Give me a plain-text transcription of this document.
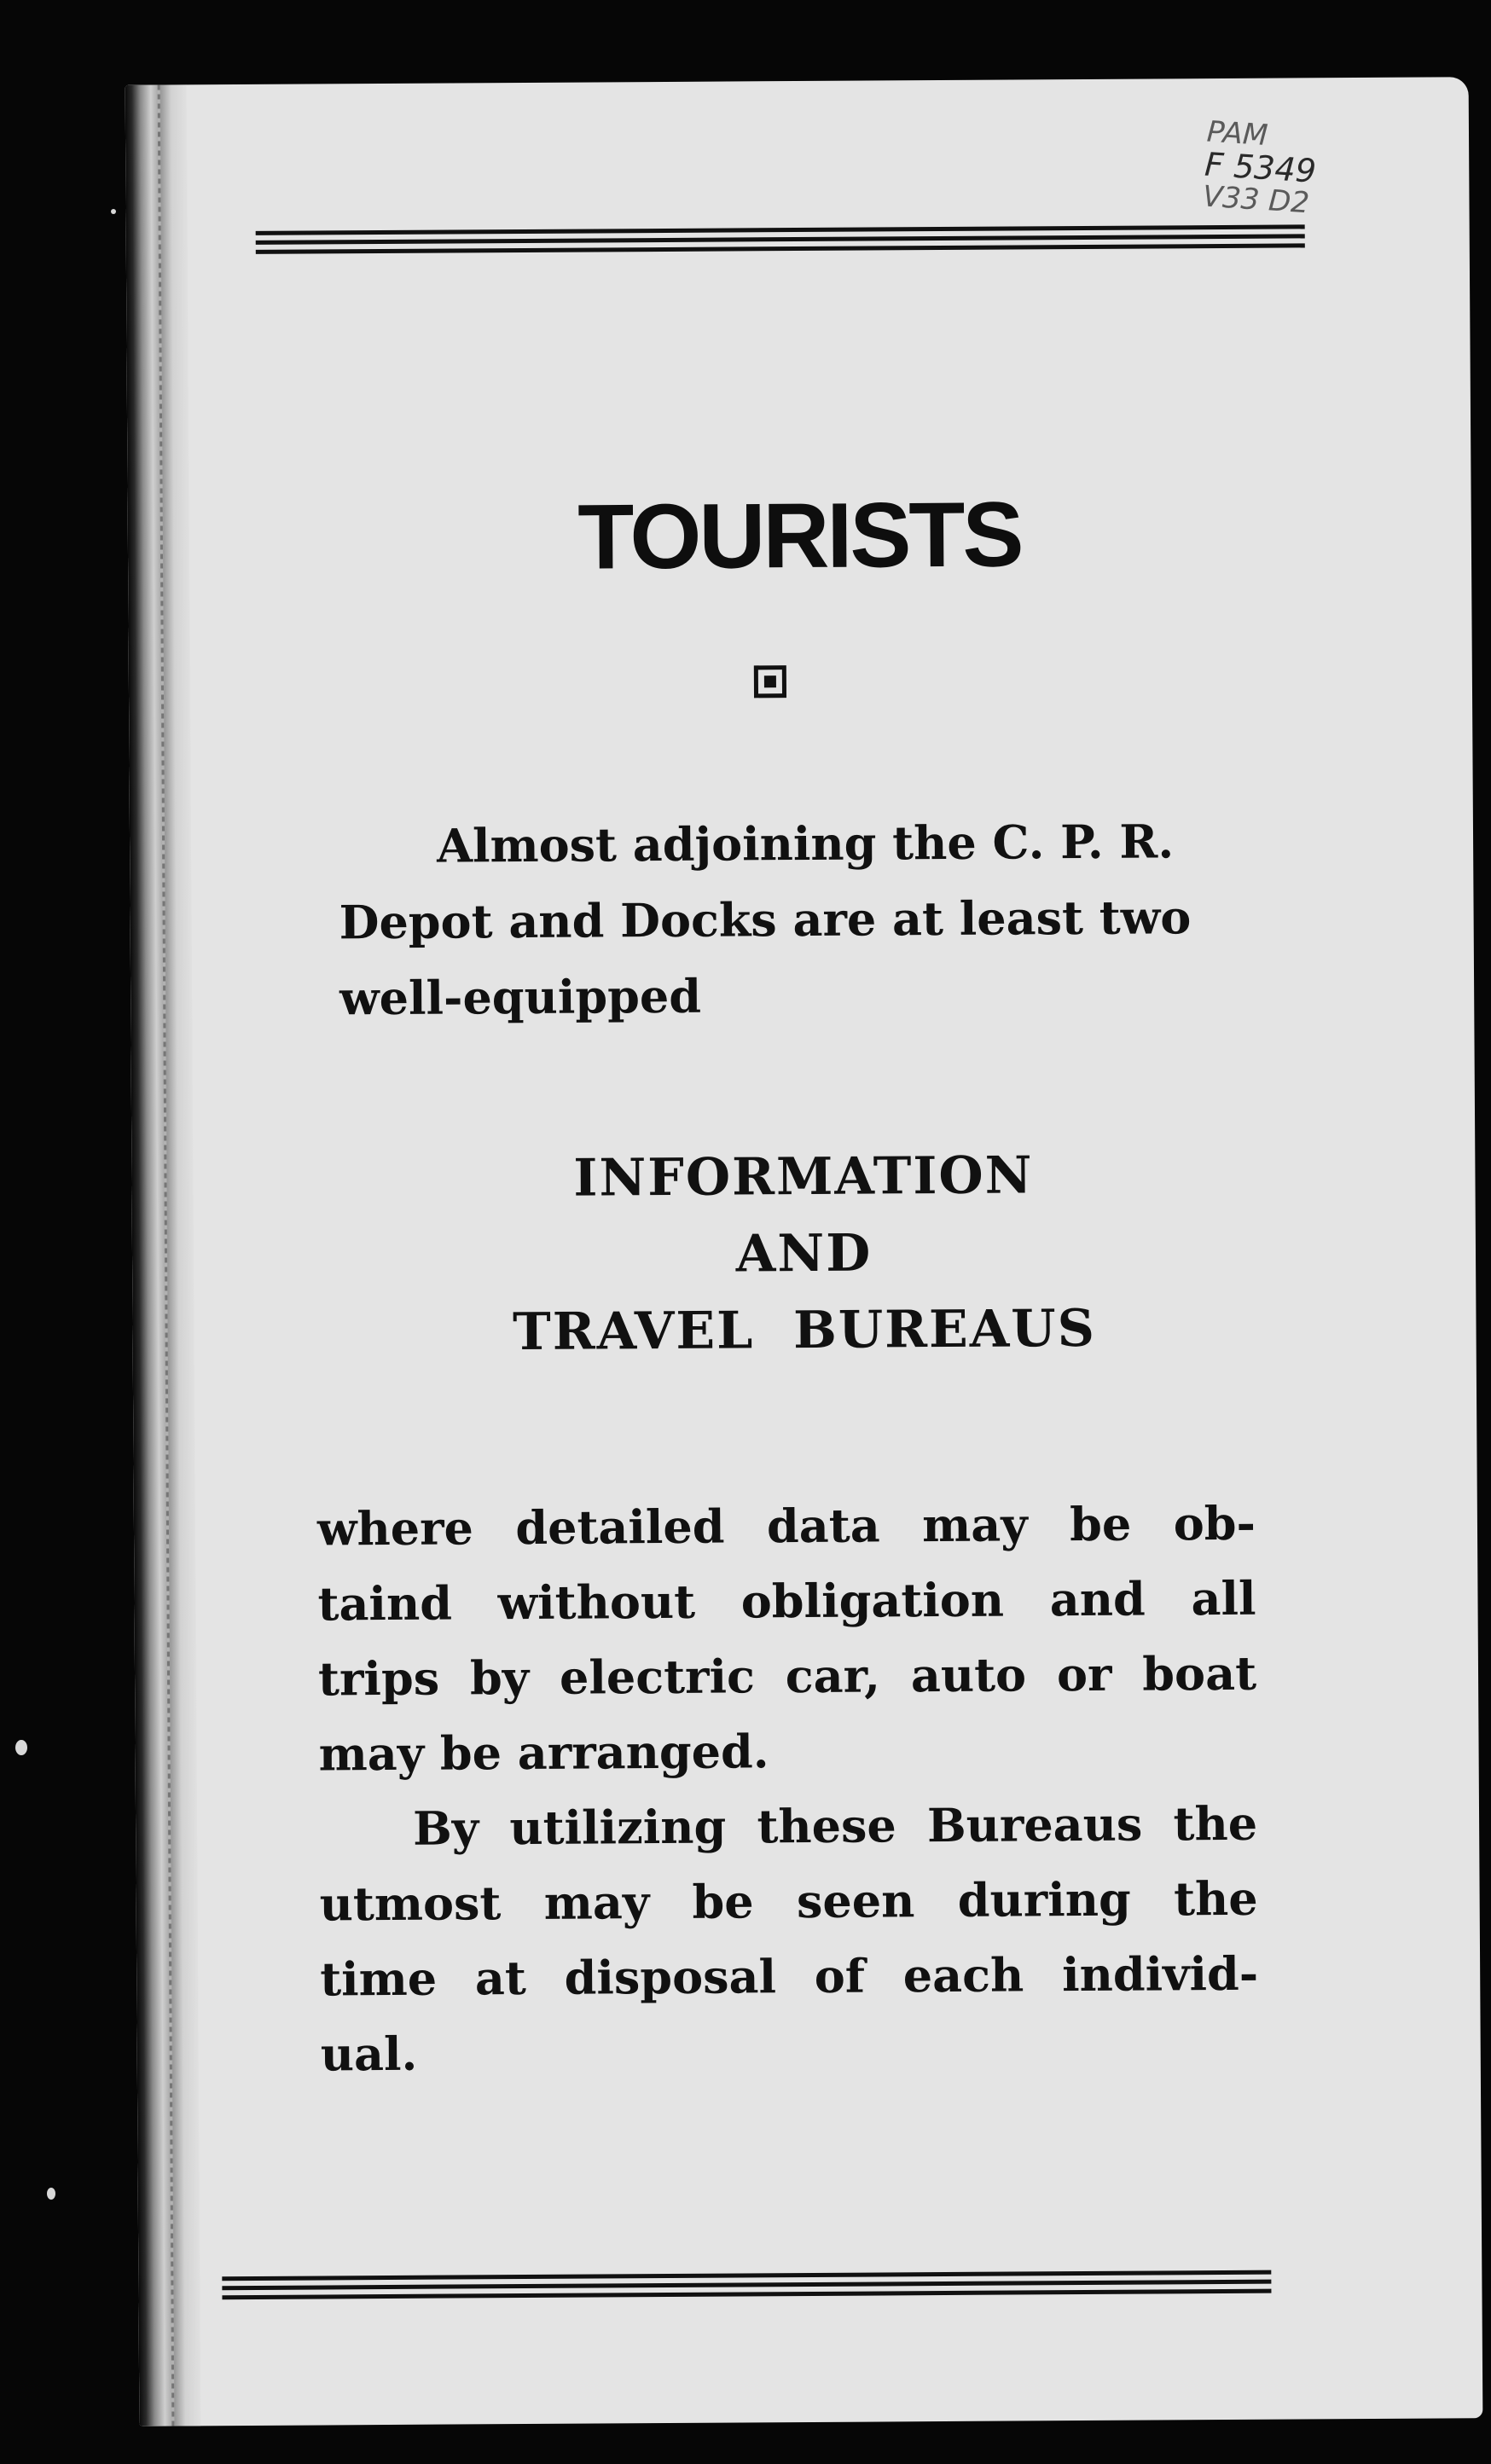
PAM
F 5349
V33 D2
TOURISTS

Almost adjoining the C. P. R.
Depot and Docks are at least two
well-equipped

INFORMATION
AND
TRAVEL  BUREAUS
where detailed data may be ob-
taind without obligation and all
trips by electric car, auto or boat
may be arranged.
By utilizing these Bureaus the
utmost may be seen during the
time at disposal of each individ-
ual.
